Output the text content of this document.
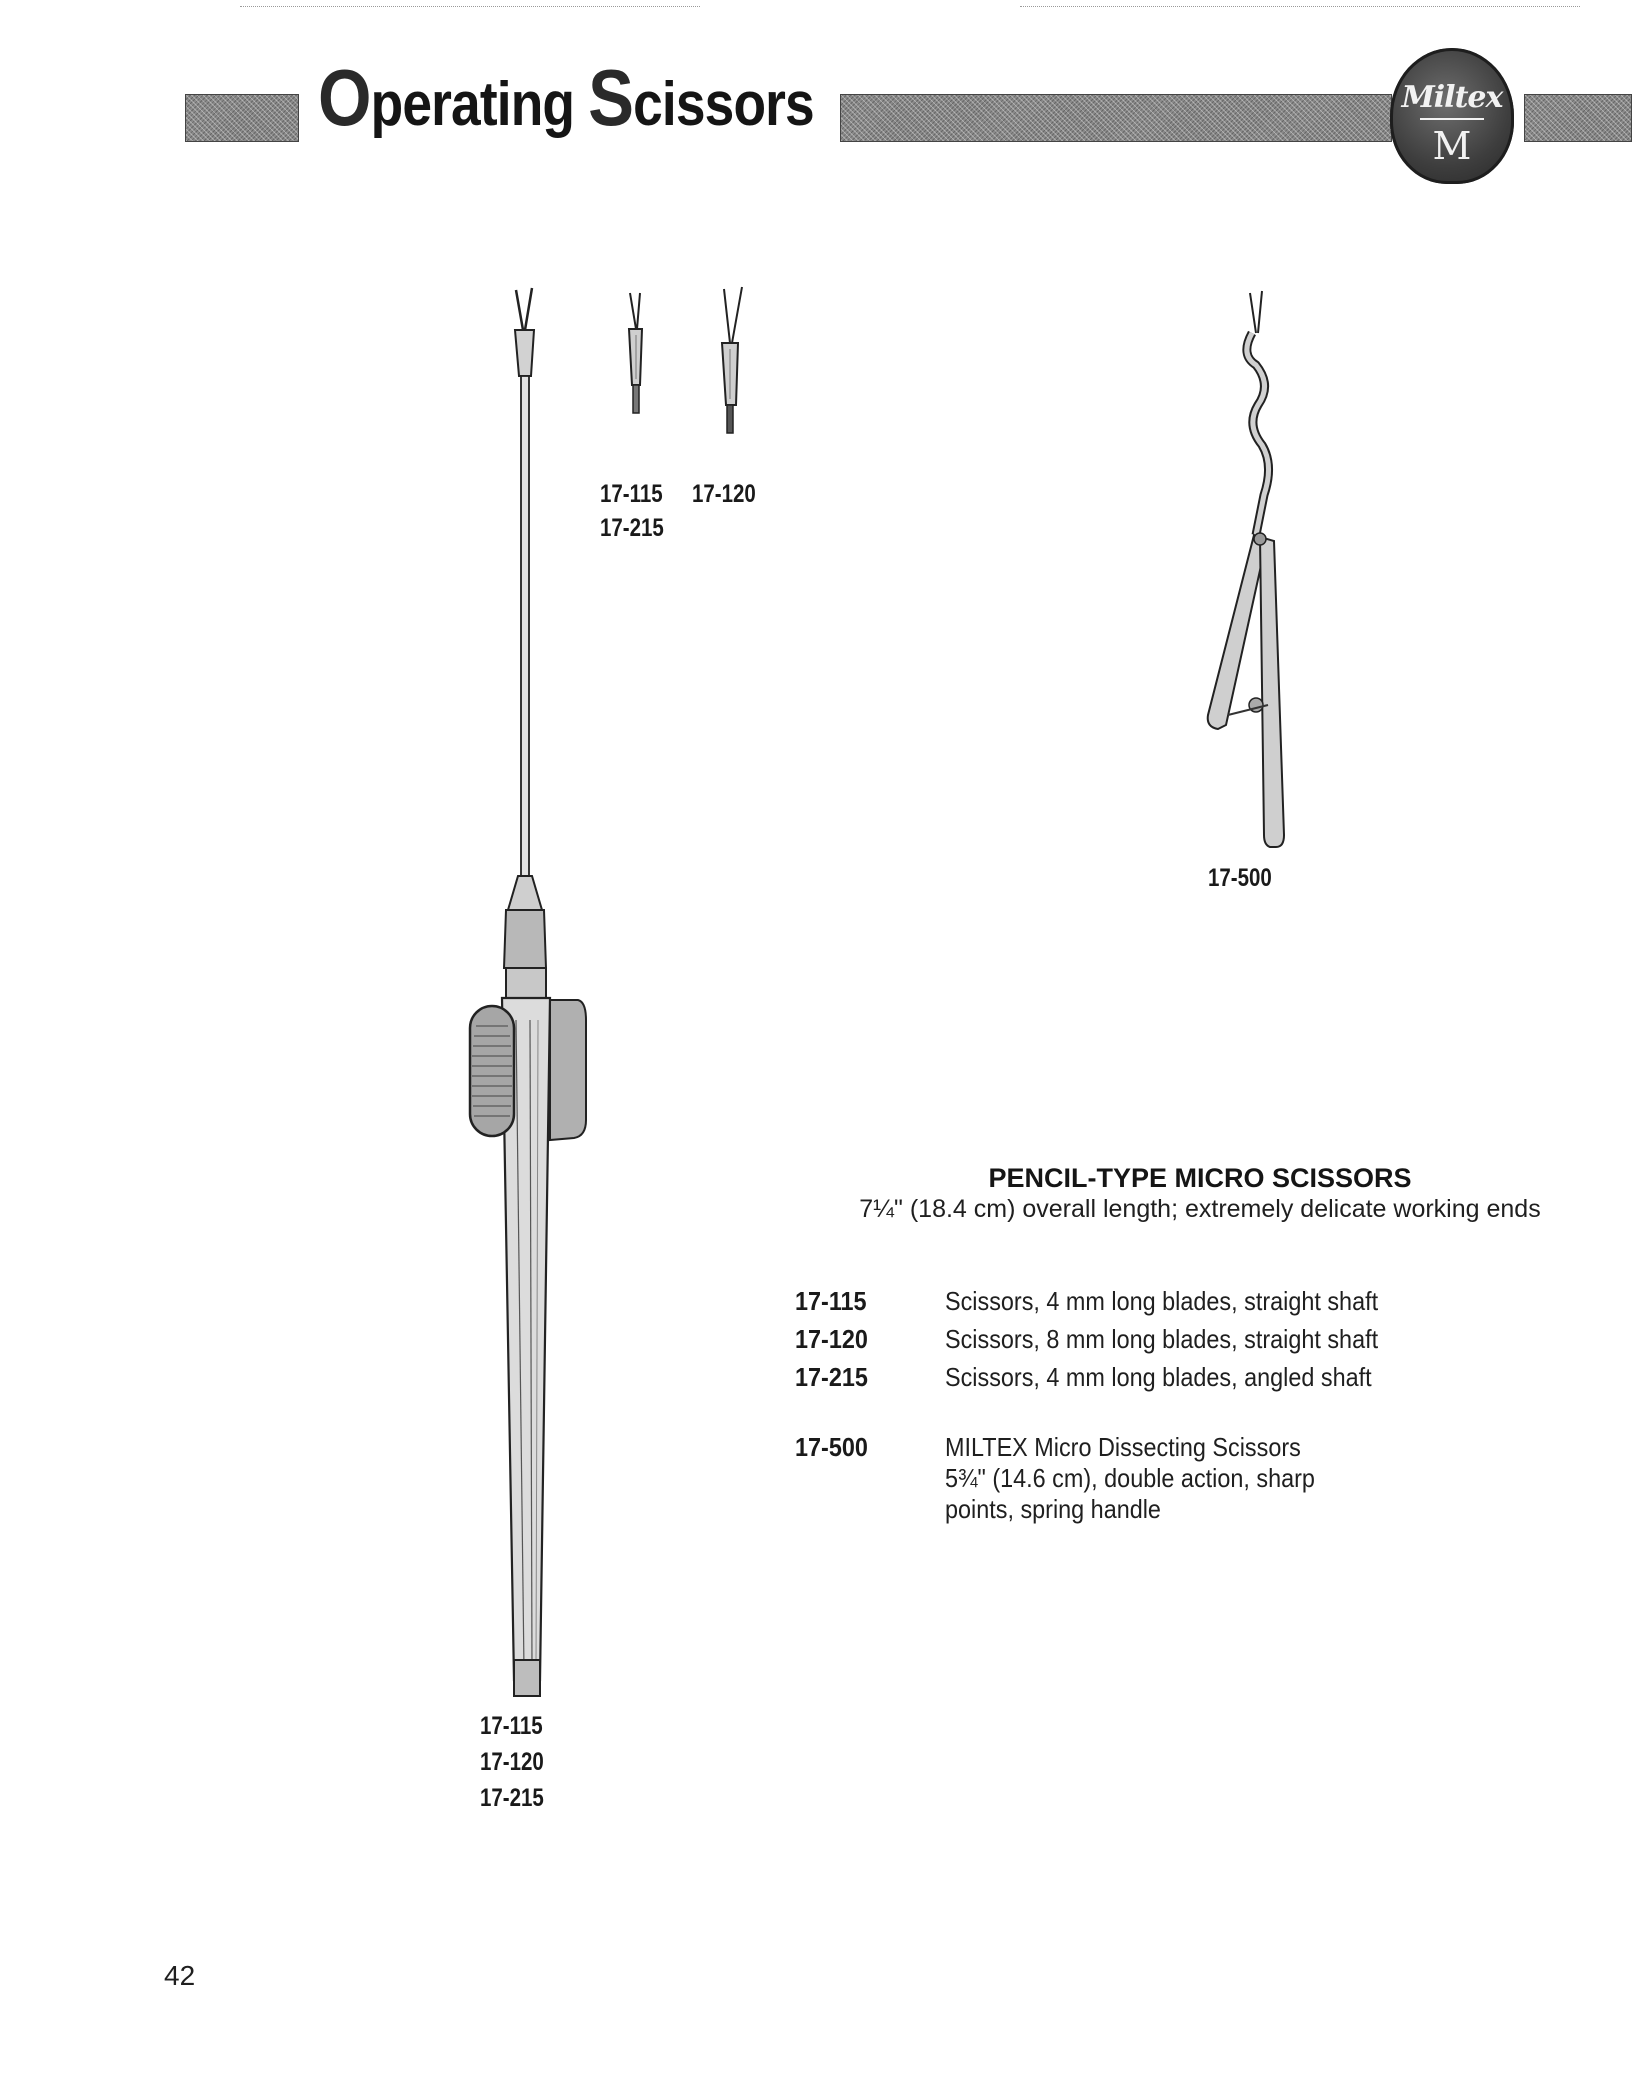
Operating Scissors	Miltex
M
17-115 17-120
17-215
17-115
17-120
17-215
17-500
PENCIL-TYPE MICRO SCISSORS
7¼" (18.4 cm) overall length; extremely delicate working ends
17-115	Scissors, 4 mm long blades, straight shaft
17-120	Scissors, 8 mm long blades, straight shaft
17-215	Scissors, 4 mm long blades, angled shaft
17-500	MILTEX Micro Dissecting Scissors 5¾" (14.6 cm), double action, sharp points, spring handle
42
